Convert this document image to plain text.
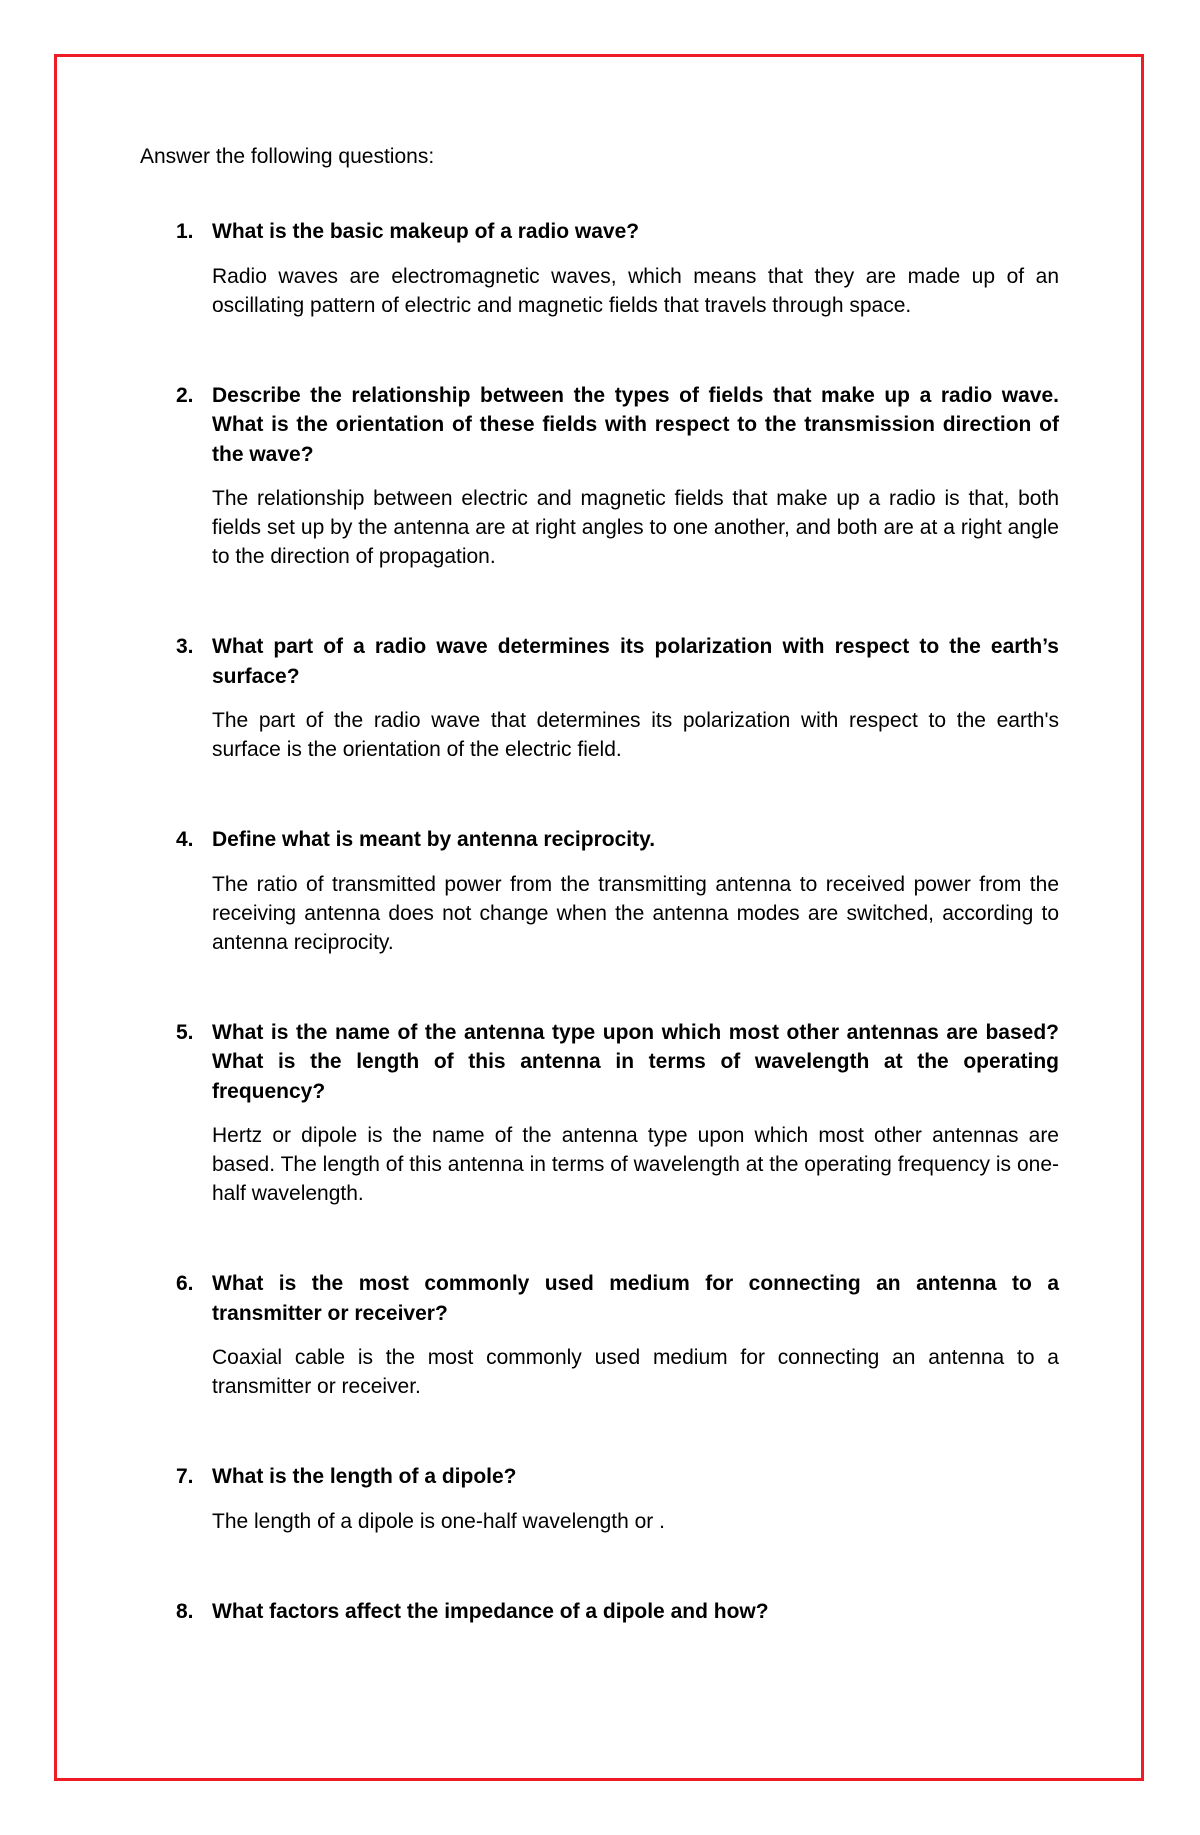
Answer the following questions:

1. What is the basic makeup of a radio wave?

Radio waves are electromagnetic waves, which means that they are made up of an oscillating pattern of electric and magnetic fields that travels through space.

2. Describe the relationship between the types of fields that make up a radio wave. What is the orientation of these fields with respect to the transmission direction of the wave?

The relationship between electric and magnetic fields that make up a radio is that, both fields set up by the antenna are at right angles to one another, and both are at a right angle to the direction of propagation.

3. What part of a radio wave determines its polarization with respect to the earth’s surface?

The part of the radio wave that determines its polarization with respect to the earth's surface is the orientation of the electric field.

4. Define what is meant by antenna reciprocity.

The ratio of transmitted power from the transmitting antenna to received power from the receiving antenna does not change when the antenna modes are switched, according to antenna reciprocity.

5. What is the name of the antenna type upon which most other antennas are based? What is the length of this antenna in terms of wavelength at the operating frequency?

Hertz or dipole is the name of the antenna type upon which most other antennas are based. The length of this antenna in terms of wavelength at the operating frequency is one-half wavelength.

6. What is the most commonly used medium for connecting an antenna to a transmitter or receiver?

Coaxial cable is the most commonly used medium for connecting an antenna to a transmitter or receiver.

7. What is the length of a dipole?

The length of a dipole is one-half wavelength or .

8. What factors affect the impedance of a dipole and how?
